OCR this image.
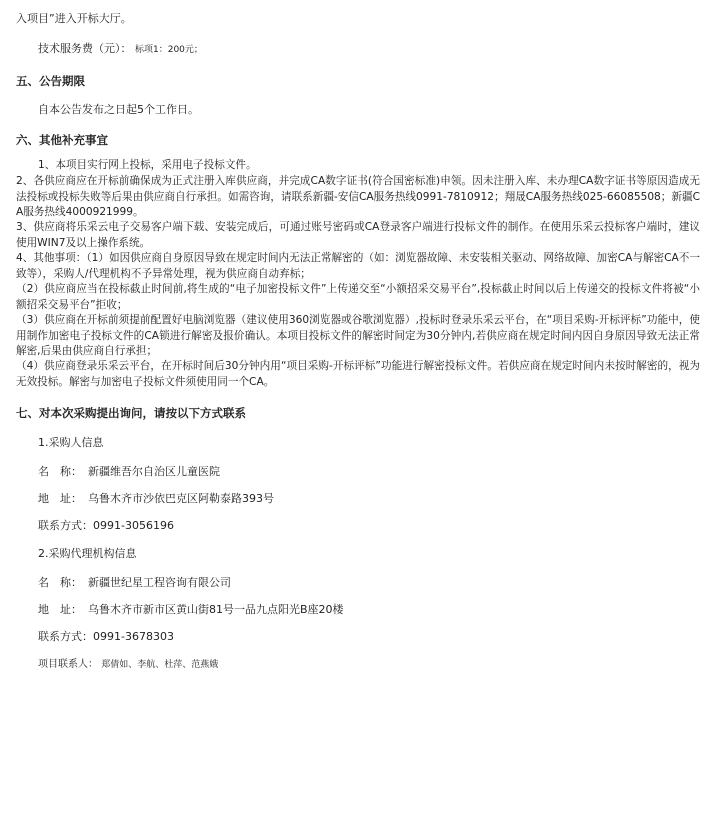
入项目”进入开标大厅。
技术服务费（元）： 标项1：200元；
五、公告期限
自本公告发布之日起5个工作日。
六、其他补充事宜
1、本项目实行网上投标，采用电子投标文件。
2、各供应商应在开标前确保成为正式注册入库供应商，并完成CA数字证书(符合国密标准)申领。因未注册入库、未办理CA数字证书等原因造成无法投标或投标失败等后果由供应商自行承担。如需咨询，请联系新疆-安信CA服务热线0991-7810912；翔晟CA服务热线025-66085508；新疆CA服务热线4000921999。
3、供应商将乐采云电子交易客户端下载、安装完成后，可通过账号密码或CA登录客户端进行投标文件的制作。在使用乐采云投标客户端时，建议使用WIN7及以上操作系统。
4、其他事项：（1）如因供应商自身原因导致在规定时间内无法正常解密的（如：浏览器故障、未安装相关驱动、网络故障、加密CA与解密CA不一致等），采购人/代理机构不予异常处理，视为供应商自动弃标；
（2）供应商应当在投标截止时间前,将生成的“电子加密投标文件”上传递交至“小额招采交易平台”,投标截止时间以后上传递交的投标文件将被“小额招采交易平台”拒收；
（3）供应商在开标前须提前配置好电脑浏览器（建议使用360浏览器或谷歌浏览器）,投标时登录乐采云平台，在“项目采购-开标评标”功能中，使用制作加密电子投标文件的CA锁进行解密及报价确认。本项目投标文件的解密时间定为30分钟内,若供应商在规定时间内因自身原因导致无法正常解密,后果由供应商自行承担；
（4）供应商登录乐采云平台，在开标时间后30分钟内用“项目采购-开标评标”功能进行解密投标文件。若供应商在规定时间内未按时解密的，视为无效投标。解密与加密电子投标文件须使用同一个CA。
七、对本次采购提出询问，请按以下方式联系
1.采购人信息
名　称： 新疆维吾尔自治区儿童医院
地　址： 乌鲁木齐市沙依巴克区阿勒泰路393号
联系方式：0991-3056196
2.采购代理机构信息
名　称： 新疆世纪星工程咨询有限公司
地　址： 乌鲁木齐市新市区黄山街81号一品九点阳光B座20楼
联系方式：0991-3678303
项目联系人： 郑倩如、李航、杜萍、范燕娥
